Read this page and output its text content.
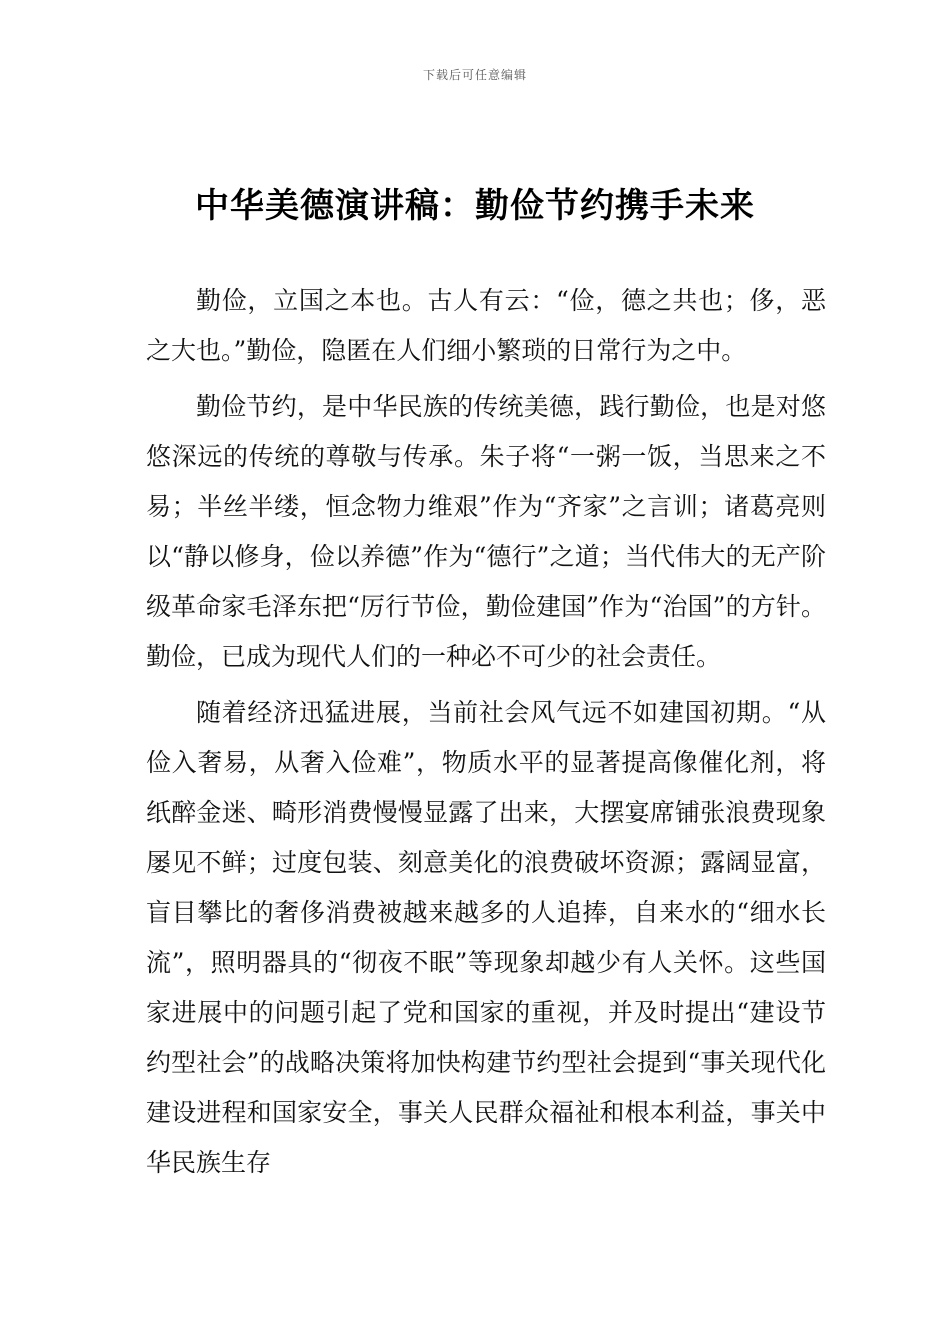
下载后可任意编辑
中华美德演讲稿：勤俭节约携手未来

勤俭，立国之本也。古人有云：“俭，德之共也；侈，恶之大也。”勤俭，隐匿在人们细小繁琐的日常行为之中。

勤俭节约，是中华民族的传统美德，践行勤俭，也是对悠悠深远的传统的尊敬与传承。朱子将“一粥一饭，当思来之不易；半丝半缕，恒念物力维艰”作为“齐家”之言训；诸葛亮则以“静以修身，俭以养德”作为“德行”之道；当代伟大的无产阶级革命家毛泽东把“厉行节俭，勤俭建国”作为“治国”的方针。勤俭，已成为现代人们的一种必不可少的社会责任。

随着经济迅猛进展，当前社会风气远不如建国初期。“从俭入奢易，从奢入俭难”，物质水平的显著提高像催化剂，将纸醉金迷、畸形消费慢慢显露了出来，大摆宴席铺张浪费现象屡见不鲜；过度包装、刻意美化的浪费破坏资源；露阔显富，盲目攀比的奢侈消费被越来越多的人追捧，自来水的“细水长流”，照明器具的“彻夜不眠”等现象却越少有人关怀。这些国家进展中的问题引起了党和国家的重视，并及时提出“建设节约型社会”的战略决策将加快构建节约型社会提到“事关现代化建设进程和国家安全，事关人民群众福祉和根本利益，事关中华民族生存
